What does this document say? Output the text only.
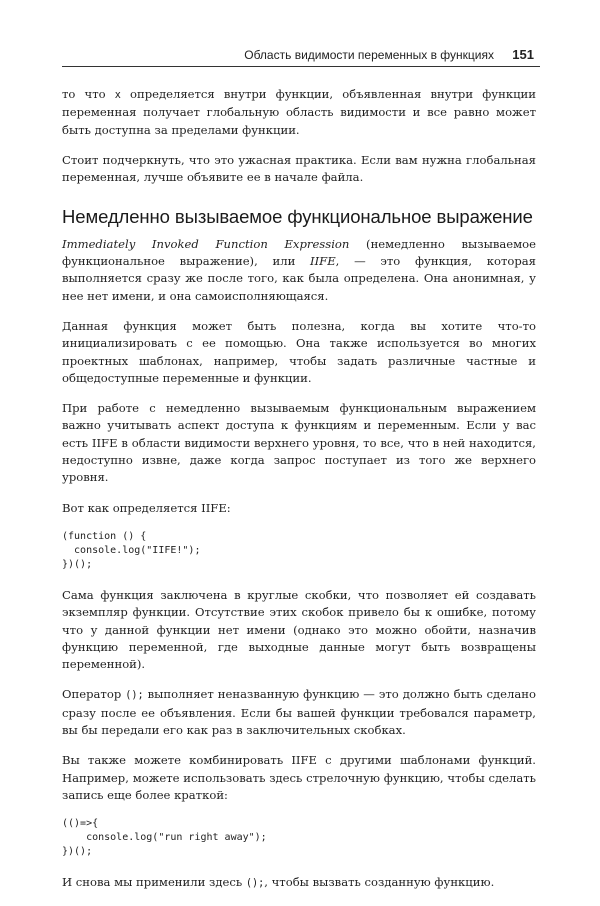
Область видимости переменных в функциях 151

то что x определяется внутри функции, объявленная внутри функции переменная получает глобальную область видимости и все равно может быть доступна за пределами функции.

Стоит подчеркнуть, что это ужасная практика. Если вам нужна глобальная переменная, лучше объявите ее в начале файла.

Немедленно вызываемое функциональное выражение

Immediately Invoked Function Expression (немедленно вызываемое функциональное выражение), или IIFE, — это функция, которая выполняется сразу же после того, как была определена. Она анонимная, у нее нет имени, и она самоисполняющаяся.

Данная функция может быть полезна, когда вы хотите что-то инициализировать с ее помощью. Она также используется во многих проектных шаблонах, например, чтобы задать различные частные и общедоступные переменные и функции.

При работе с немедленно вызываемым функциональным выражением важно учитывать аспект доступа к функциям и переменным. Если у вас есть IIFE в области видимости верхнего уровня, то все, что в ней находится, недоступно извне, даже когда запрос поступает из того же верхнего уровня.

Вот как определяется IIFE:

(function () {
console.log("IIFE!");
})();

Сама функция заключена в круглые скобки, что позволяет ей создавать экземпляр функции. Отсутствие этих скобок привело бы к ошибке, потому что у данной функции нет имени (однако это можно обойти, назначив функцию переменной, где выходные данные могут быть возвращены переменной).

Оператор (); выполняет неназванную функцию — это должно быть сделано сразу после ее объявления. Если бы вашей функции требовался параметр, вы бы передали его как раз в заключительных скобках.

Вы также можете комбинировать IIFE с другими шаблонами функций. Например, можете использовать здесь стрелочную функцию, чтобы сделать запись еще более краткой:

(()=>{
console.log("run right away");
})();

И снова мы применили здесь ();, чтобы вызвать созданную функцию.
